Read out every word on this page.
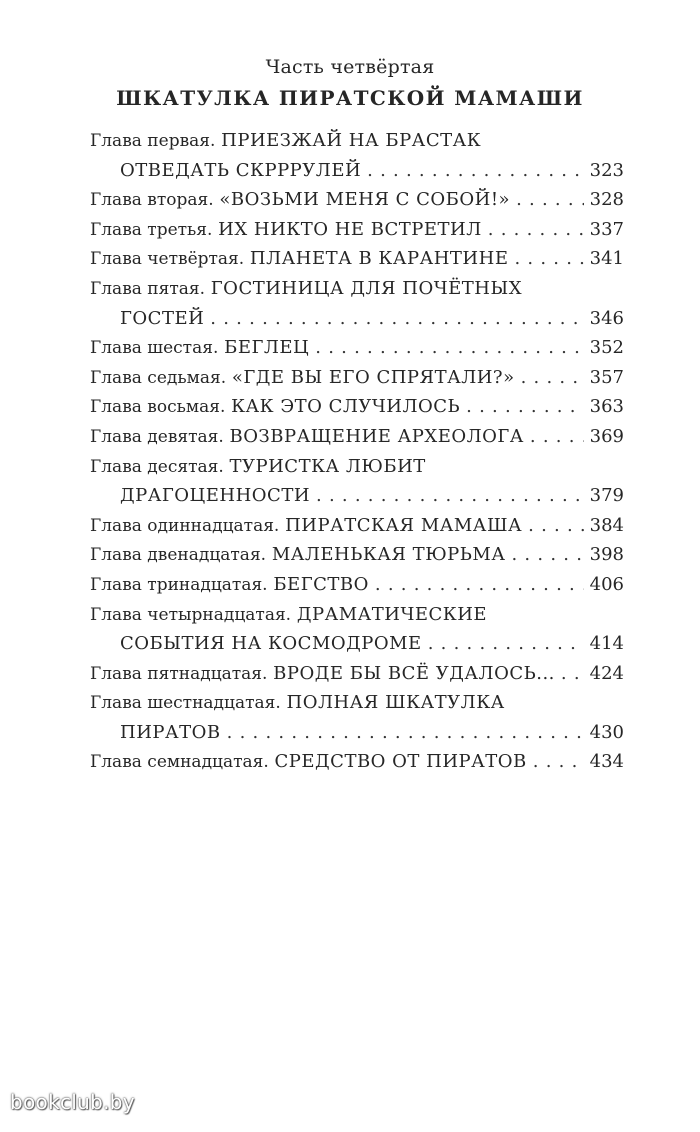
Часть четвёртая
ШКАТУЛКА ПИРАТСКОЙ МАМАШИ
Глава первая. ПРИЕЗЖАЙ НА БРАСТАК
ОТВЕДАТЬ СКРРРУЛЕЙ . . .	323
Глава вторая. «ВОЗЬМИ МЕНЯ С СОБОЙ!» . . .	328
Глава третья. ИХ НИКТО НЕ ВСТРЕТИЛ . . .	337
Глава четвёртая. ПЛАНЕТА В КАРАНТИНЕ . . .	341
Глава пятая. ГОСТИНИЦА ДЛЯ ПОЧЁТНЫХ
ГОСТЕЙ . . .	346
Глава шестая. БЕГЛЕЦ . . .	352
Глава седьмая. «ГДЕ ВЫ ЕГО СПРЯТАЛИ?» . . .	357
Глава восьмая. КАК ЭТО СЛУЧИЛОСЬ . . .	363
Глава девятая. ВОЗВРАЩЕНИЕ АРХЕОЛОГА . . .	369
Глава десятая. ТУРИСТКА ЛЮБИТ
ДРАГОЦЕННОСТИ . . .	379
Глава одиннадцатая. ПИРАТСКАЯ МАМАША . . .	384
Глава двенадцатая. МАЛЕНЬКАЯ ТЮРЬМА . . .	398
Глава тринадцатая. БЕГСТВО . . .	406
Глава четырнадцатая. ДРАМАТИЧЕСКИЕ
СОБЫТИЯ НА КОСМОДРОМЕ . . .	414
Глава пятнадцатая. ВРОДЕ БЫ ВСЁ УДАЛОСЬ... . . . 424
Глава шестнадцатая. ПОЛНАЯ ШКАТУЛКА
ПИРАТОВ . . .	430
Глава семнадцатая. СРЕДСТВО ОТ ПИРАТОВ . . .	434
bookclub.by
